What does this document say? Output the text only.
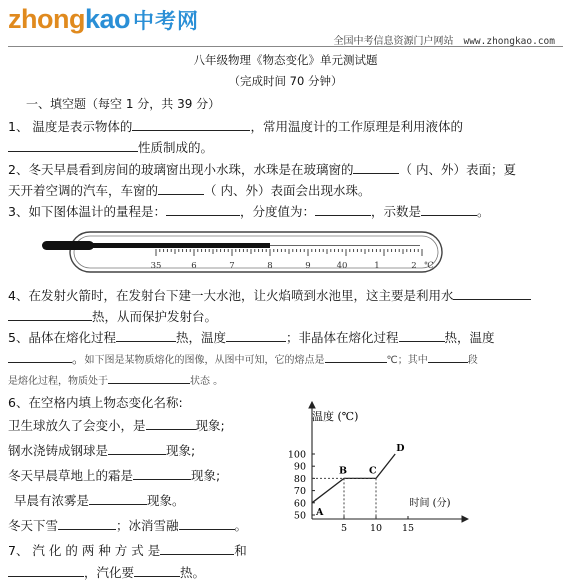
zhongkao 中考网
全国中考信息资源门户网站 www.zhongkao.com
八年级物理《物态变化》单元测试题
（完成时间 70 分钟）
一、填空题（每空 1 分，共 39 分）
1、 温度是表示物体的	，常用温度计的工作原理是利用液体的
性质制成的。
2、冬天早晨看到房间的玻璃窗出现小水珠，水珠是在玻璃窗的	（ 内、外）表面；夏
天开着空调的汽车，车窗的	（ 内、外）表面会出现水珠。
3、如下图体温计的量程是：	，分度值为：	，示数是	。
35	6	7	8	9	40	1	2 ℃
4、在发射火箭时，在发射台下建一大水池，让火焰喷到水池里，这主要是利用水
热，从而保护发射台。
5、晶体在熔化过程	热，温度	；非晶体在熔化过程	热，温度
。如下图是某物质熔化的图像，从图中可知，它的熔点是	℃；其中	段
是熔化过程，物质处于	状态 。
6、在空格内填上物态变化名称:
卫生球放久了会变小，是	现象;
钢水浇铸成钢球是	现象;
冬天早晨草地上的霜是	现象;
早晨有浓雾是	现象。
冬天下雪	；冰消雪融	。
7、 汽 化 的 两 种 方 式 是	和
，汽化要	热。
温度 (℃)
时间 (分)
50
60
70
80
90
100
5 10 15
A
B C
D
